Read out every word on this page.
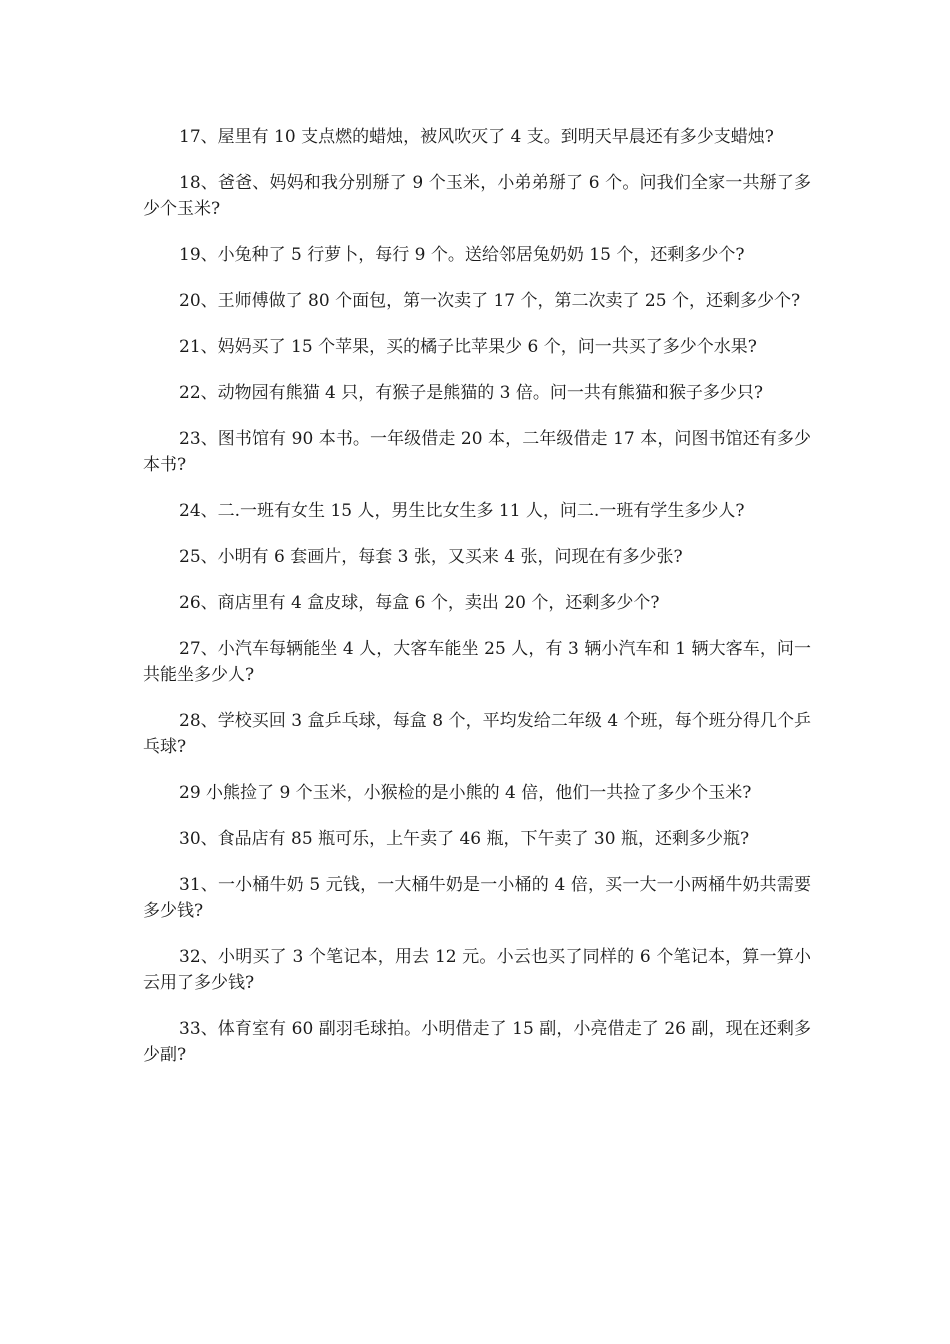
17、屋里有 10 支点燃的蜡烛，被风吹灭了 4 支。到明天早晨还有多少支蜡烛?

18、爸爸、妈妈和我分别掰了 9 个玉米，小弟弟掰了 6 个。问我们全家一共掰了多少个玉米?

19、小兔种了 5 行萝卜，每行 9 个。送给邻居兔奶奶 15 个，还剩多少个?

20、王师傅做了 80 个面包，第一次卖了 17 个，第二次卖了 25 个，还剩多少个?

21、妈妈买了 15 个苹果，买的橘子比苹果少 6 个，问一共买了多少个水果?

22、动物园有熊猫 4 只，有猴子是熊猫的 3 倍。问一共有熊猫和猴子多少只?

23、图书馆有 90 本书。一年级借走 20 本，二年级借走 17 本，问图书馆还有多少本书?

24、二.一班有女生 15 人，男生比女生多 11 人，问二.一班有学生多少人?

25、小明有 6 套画片，每套 3 张，又买来 4 张，问现在有多少张?

26、商店里有 4 盒皮球，每盒 6 个，卖出 20 个，还剩多少个?

27、小汽车每辆能坐 4 人，大客车能坐 25 人，有 3 辆小汽车和 1 辆大客车，问一共能坐多少人?

28、学校买回 3 盒乒乓球，每盒 8 个，平均发给二年级 4 个班，每个班分得几个乒乓球?

29 小熊捡了 9 个玉米，小猴检的是小熊的 4 倍，他们一共捡了多少个玉米?

30、食品店有 85 瓶可乐，上午卖了 46 瓶，下午卖了 30 瓶，还剩多少瓶?

31、一小桶牛奶 5 元钱，一大桶牛奶是一小桶的 4 倍，买一大一小两桶牛奶共需要多少钱?

32、小明买了 3 个笔记本，用去 12 元。小云也买了同样的 6 个笔记本，算一算小云用了多少钱?

33、体育室有 60 副羽毛球拍。小明借走了 15 副，小亮借走了 26 副，现在还剩多少副?
